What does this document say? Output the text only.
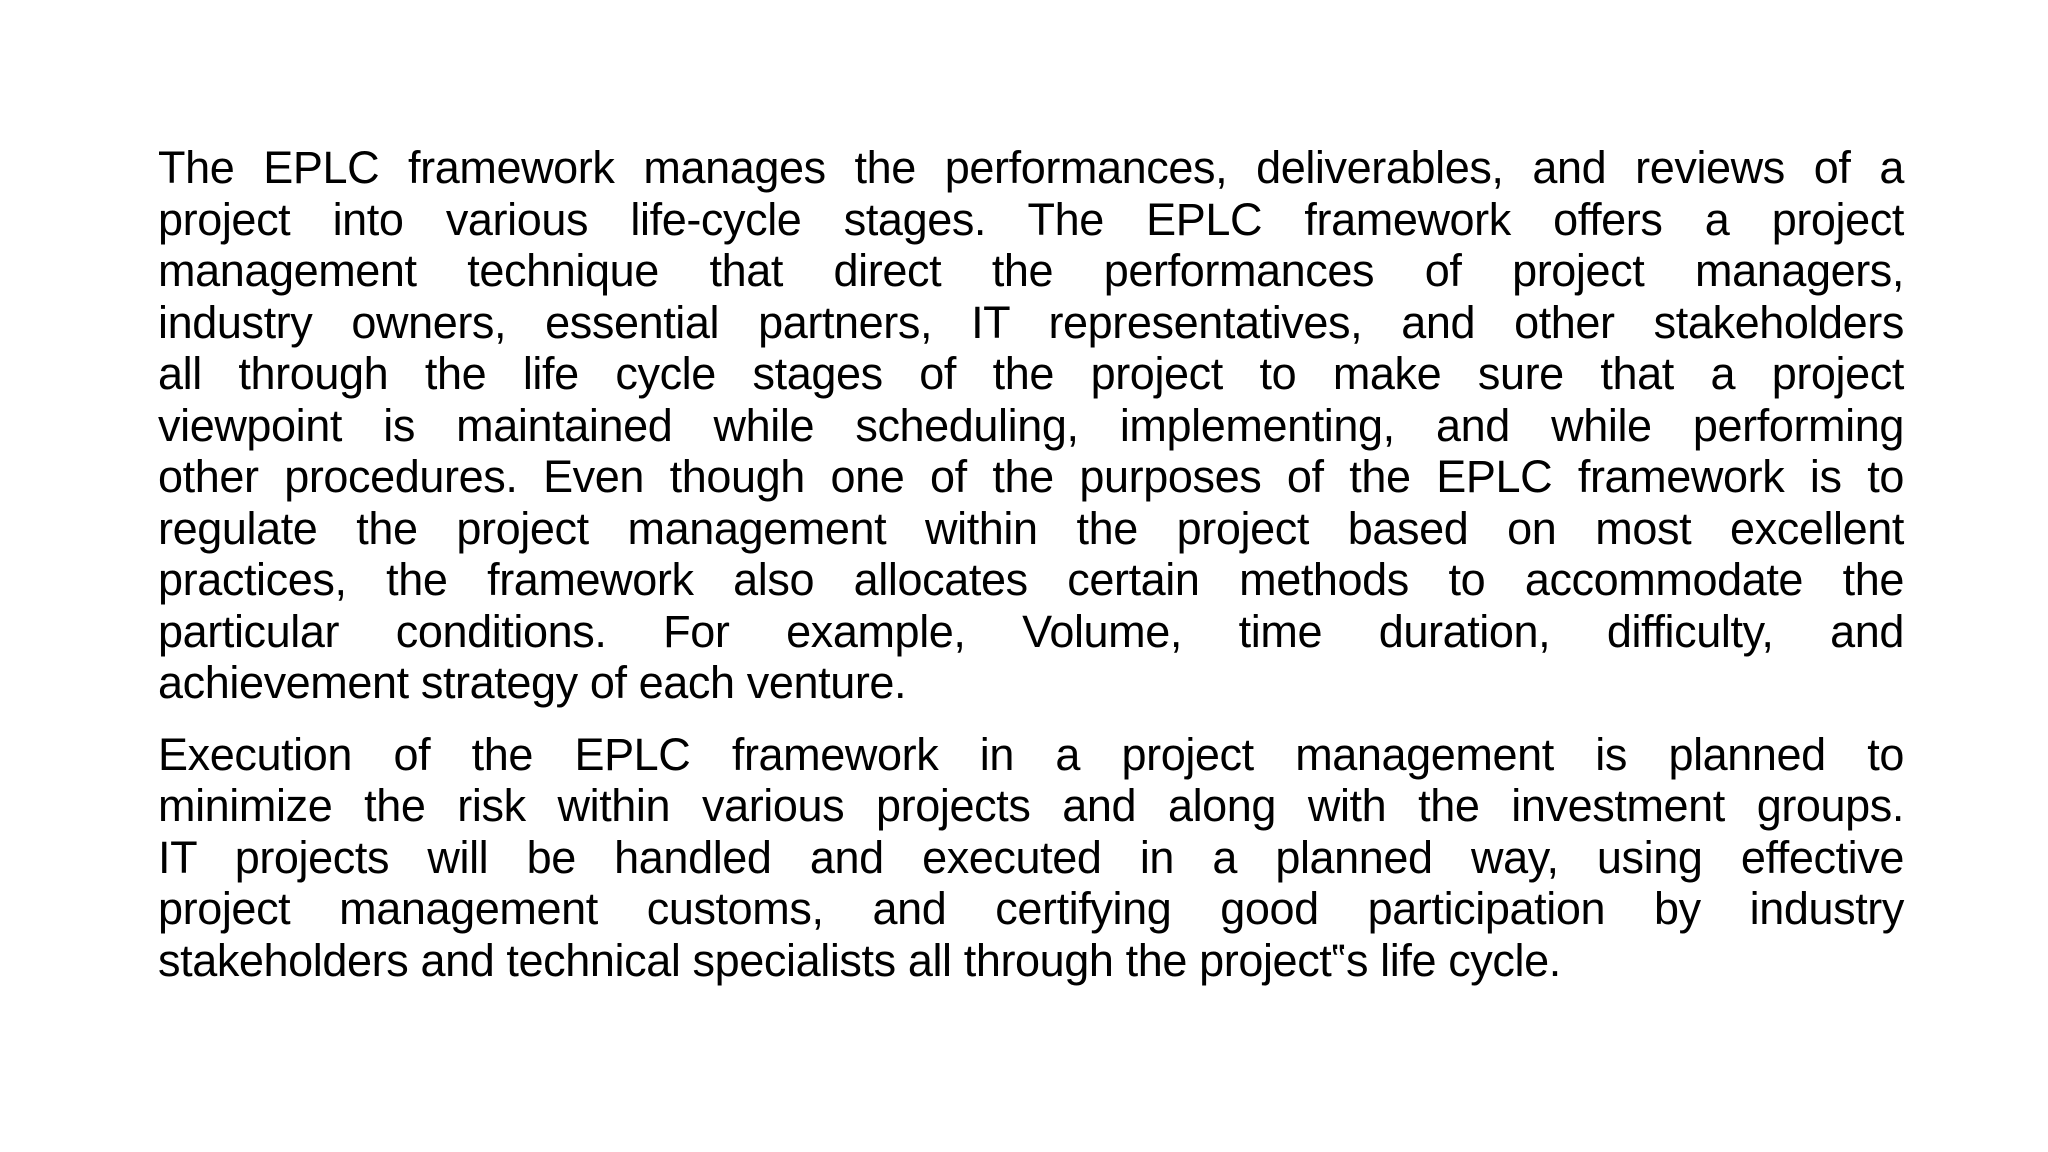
The EPLC framework manages the performances, deliverables, and reviews of a
project into various life-cycle stages. The EPLC framework offers a project
management technique that direct the performances of project managers,
industry owners, essential partners, IT representatives, and other stakeholders
all through the life cycle stages of the project to make sure that a project
viewpoint is maintained while scheduling, implementing, and while performing
other procedures. Even though one of the purposes of the EPLC framework is to
regulate the project management within the project based on most excellent
practices, the framework also allocates certain methods to accommodate the
particular conditions. For example, Volume, time duration, difficulty, and
achievement strategy of each venture.

Execution of the EPLC framework in a project management is planned to
minimize the risk within various projects and along with the investment groups.
IT projects will be handled and executed in a planned way, using effective
project management customs, and certifying good participation by industry
stakeholders and technical specialists all through the project‟s life cycle.
